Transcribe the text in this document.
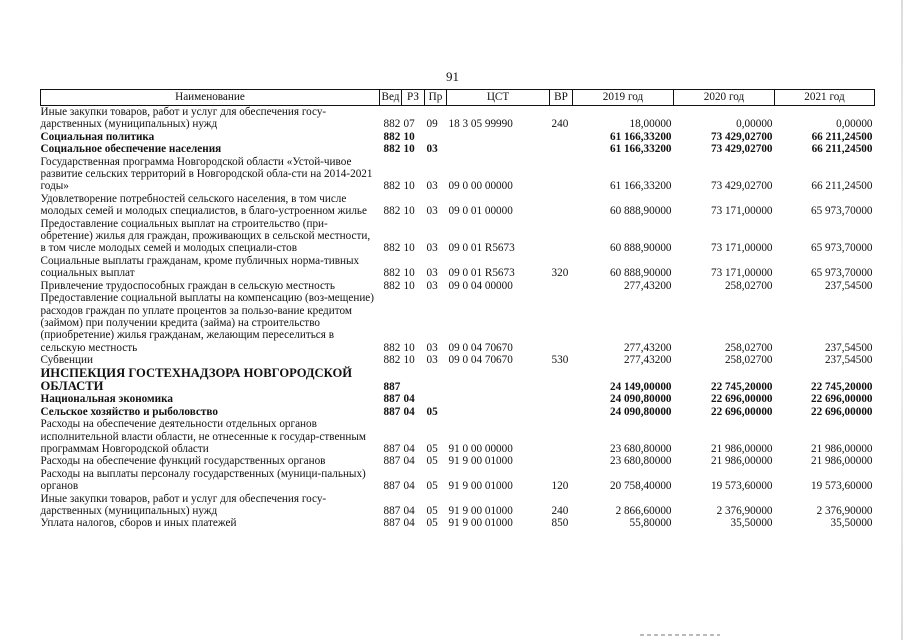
91
Наименование	Вед	РЗ	Пр	ЦСТ	ВР	2019 год	2020 год	2021 год
Иные закупки товаров, работ и услуг для обеспечения госу-дарственных (муниципальных) нужд	882	07	09	18 3 05 99990	240	18,00000	0,00000	0,00000
Социальная политика	882	10				61 166,33200	73 429,02700	66 211,24500
Социальное обеспечение населения	882	10	03			61 166,33200	73 429,02700	66 211,24500
Государственная программа Новгородской области «Устой-чивое развитие сельских территорий в Новгородской обла-сти на 2014-2021 годы»	882	10	03	09 0 00 00000		61 166,33200	73 429,02700	66 211,24500
Удовлетворение потребностей сельского населения, в том числе молодых семей и молодых специалистов, в благо-устроенном жилье	882	10	03	09 0 01 00000		60 888,90000	73 171,00000	65 973,70000
Предоставление социальных выплат на строительство (при-обретение) жилья для граждан, проживающих в сельской местности, в том числе молодых семей и молодых специали-стов	882	10	03	09 0 01 R5673		60 888,90000	73 171,00000	65 973,70000
Социальные выплаты гражданам, кроме публичных норма-тивных социальных выплат	882	10	03	09 0 01 R5673	320	60 888,90000	73 171,00000	65 973,70000
Привлечение трудоспособных граждан в сельскую местность	882	10	03	09 0 04 00000		277,43200	258,02700	237,54500
Предоставление социальной выплаты на компенсацию (воз-мещение) расходов граждан по уплате процентов за пользо-вание кредитом (займом) при получении кредита (займа) на строительство (приобретение) жилья гражданам, желающим переселиться в сельскую местность	882	10	03	09 0 04 70670		277,43200	258,02700	237,54500
Субвенции	882	10	03	09 0 04 70670	530	277,43200	258,02700	237,54500
ИНСПЕКЦИЯ ГОСТЕХНАДЗОРА НОВГОРОДСКОЙ ОБЛАСТИ	887					24 149,00000	22 745,20000	22 745,20000
Национальная экономика	887	04				24 090,80000	22 696,00000	22 696,00000
Сельское хозяйство и рыболовство	887	04	05			24 090,80000	22 696,00000	22 696,00000
Расходы на обеспечение деятельности отдельных органов исполнительной власти области, не отнесенные к государ-ственным программам Новгородской области	887	04	05	91 0 00 00000		23 680,80000	21 986,00000	21 986,00000
Расходы на обеспечение функций государственных органов	887	04	05	91 9 00 01000		23 680,80000	21 986,00000	21 986,00000
Расходы на выплаты персоналу государственных (муници-пальных) органов	887	04	05	91 9 00 01000	120	20 758,40000	19 573,60000	19 573,60000
Иные закупки товаров, работ и услуг для обеспечения госу-дарственных (муниципальных) нужд	887	04	05	91 9 00 01000	240	2 866,60000	2 376,90000	2 376,90000
Уплата налогов, сборов и иных платежей	887	04	05	91 9 00 01000	850	55,80000	35,50000	35,50000
